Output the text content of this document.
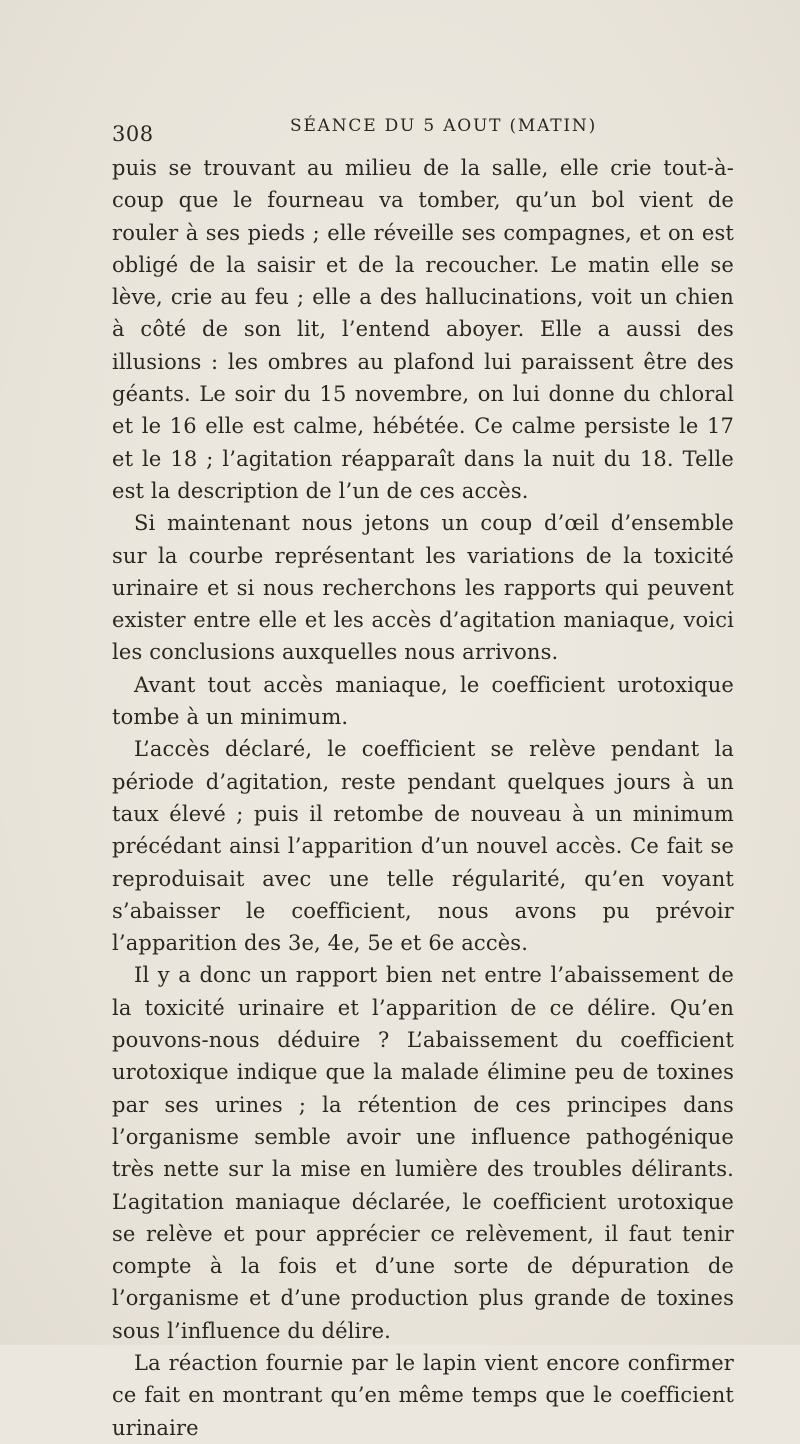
308	SÉANCE DU 5 AOUT (MATIN)

puis se trouvant au milieu de la salle, elle crie tout-à-coup que le fourneau va tomber, qu’un bol vient de rouler à ses pieds ; elle réveille ses compagnes, et on est obligé de la saisir et de la recoucher. Le matin elle se lève, crie au feu ; elle a des hallucinations, voit un chien à côté de son lit, l’entend aboyer. Elle a aussi des illusions : les ombres au plafond lui paraissent être des géants. Le soir du 15 novembre, on lui donne du chloral et le 16 elle est calme, hébétée. Ce calme persiste le 17 et le 18 ; l’agitation réapparaît dans la nuit du 18. Telle est la description de l’un de ces accès.

Si maintenant nous jetons un coup d’œil d’ensemble sur la courbe représentant les variations de la toxicité urinaire et si nous recherchons les rapports qui peuvent exister entre elle et les accès d’agitation maniaque, voici les conclusions auxquelles nous arrivons.

Avant tout accès maniaque, le coefficient urotoxique tombe à un minimum.

L’accès déclaré, le coefficient se relève pendant la période d’agitation, reste pendant quelques jours à un taux élevé ; puis il retombe de nouveau à un minimum précédant ainsi l’apparition d’un nouvel accès. Ce fait se reproduisait avec une telle régularité, qu’en voyant s’abaisser le coefficient, nous avons pu prévoir l’apparition des 3e, 4e, 5e et 6e accès.

Il y a donc un rapport bien net entre l’abaissement de la toxicité urinaire et l’apparition de ce délire. Qu’en pouvons-nous déduire ? L’abaissement du coefficient urotoxique indique que la malade élimine peu de toxines par ses urines ; la rétention de ces principes dans l’organisme semble avoir une influence pathogénique très nette sur la mise en lumière des troubles délirants. L’agitation maniaque déclarée, le coefficient urotoxique se relève et pour apprécier ce relèvement, il faut tenir compte à la fois et d’une sorte de dépuration de l’organisme et d’une production plus grande de toxines sous l’influence du délire.

La réaction fournie par le lapin vient encore confirmer ce fait en montrant qu’en même temps que le coefficient urinaire
